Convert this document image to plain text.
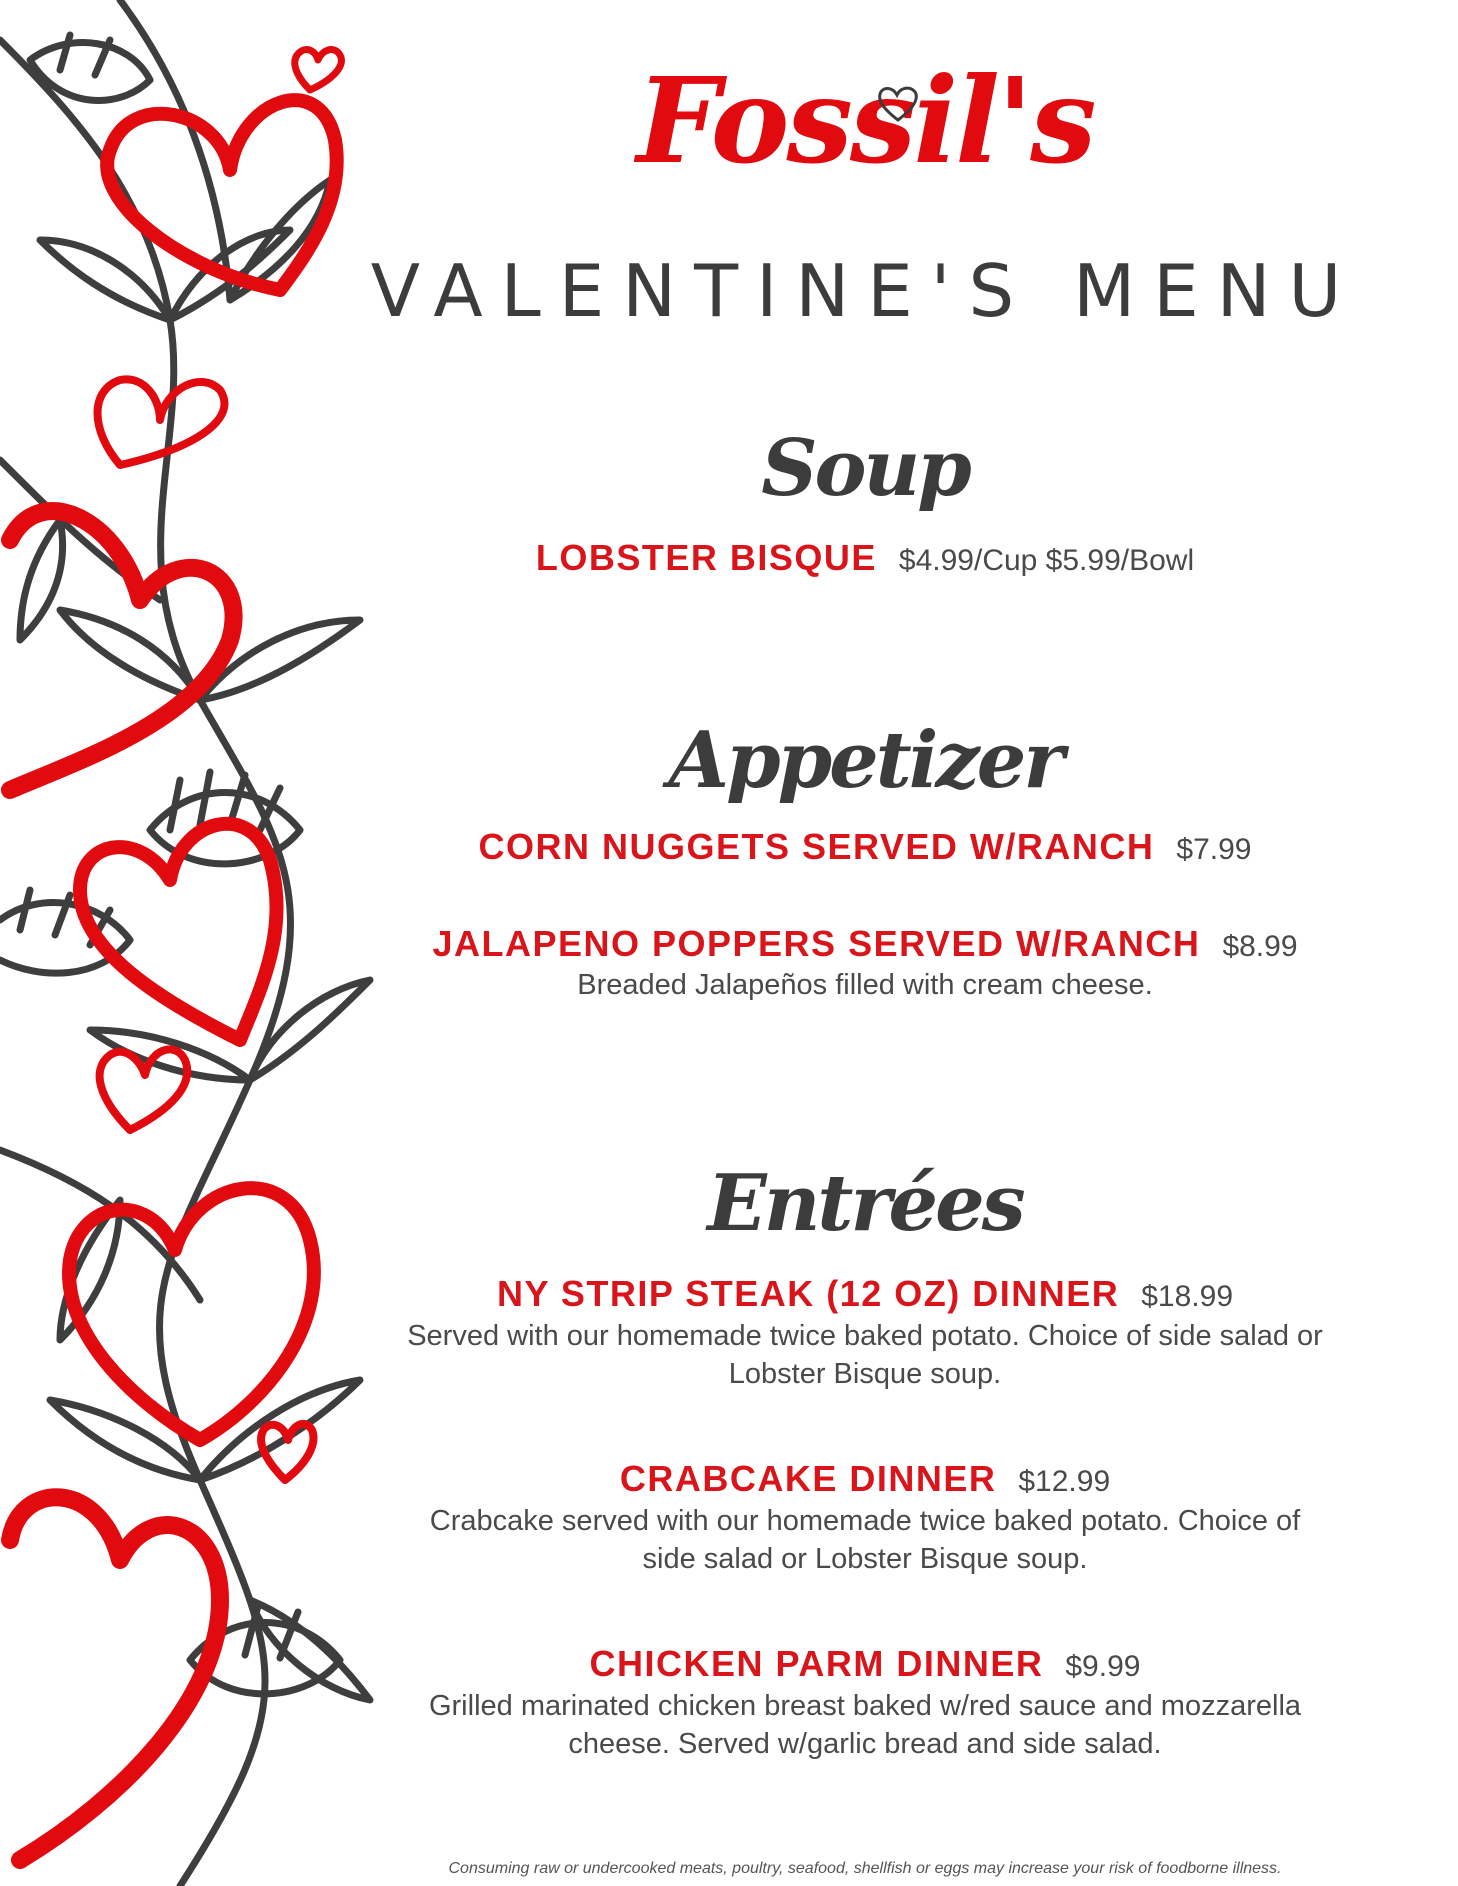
Fossil's
VALENTINE'S MENU
Soup
LOBSTER BISQUE $4.99/Cup $5.99/Bowl
Appetizer
CORN NUGGETS SERVED W/RANCH $7.99
JALAPENO POPPERS SERVED W/RANCH $8.99
Breaded Jalapeños filled with cream cheese.
Entrées
NY STRIP STEAK (12 OZ) DINNER $18.99
Served with our homemade twice baked potato. Choice of side salad or
Lobster Bisque soup.
CRABCAKE DINNER $12.99
Crabcake served with our homemade twice baked potato. Choice of
side salad or Lobster Bisque soup.
CHICKEN PARM DINNER $9.99
Grilled marinated chicken breast baked w/red sauce and mozzarella
cheese. Served w/garlic bread and side salad.
Consuming raw or undercooked meats, poultry, seafood, shellfish or eggs may increase your risk of foodborne illness.
